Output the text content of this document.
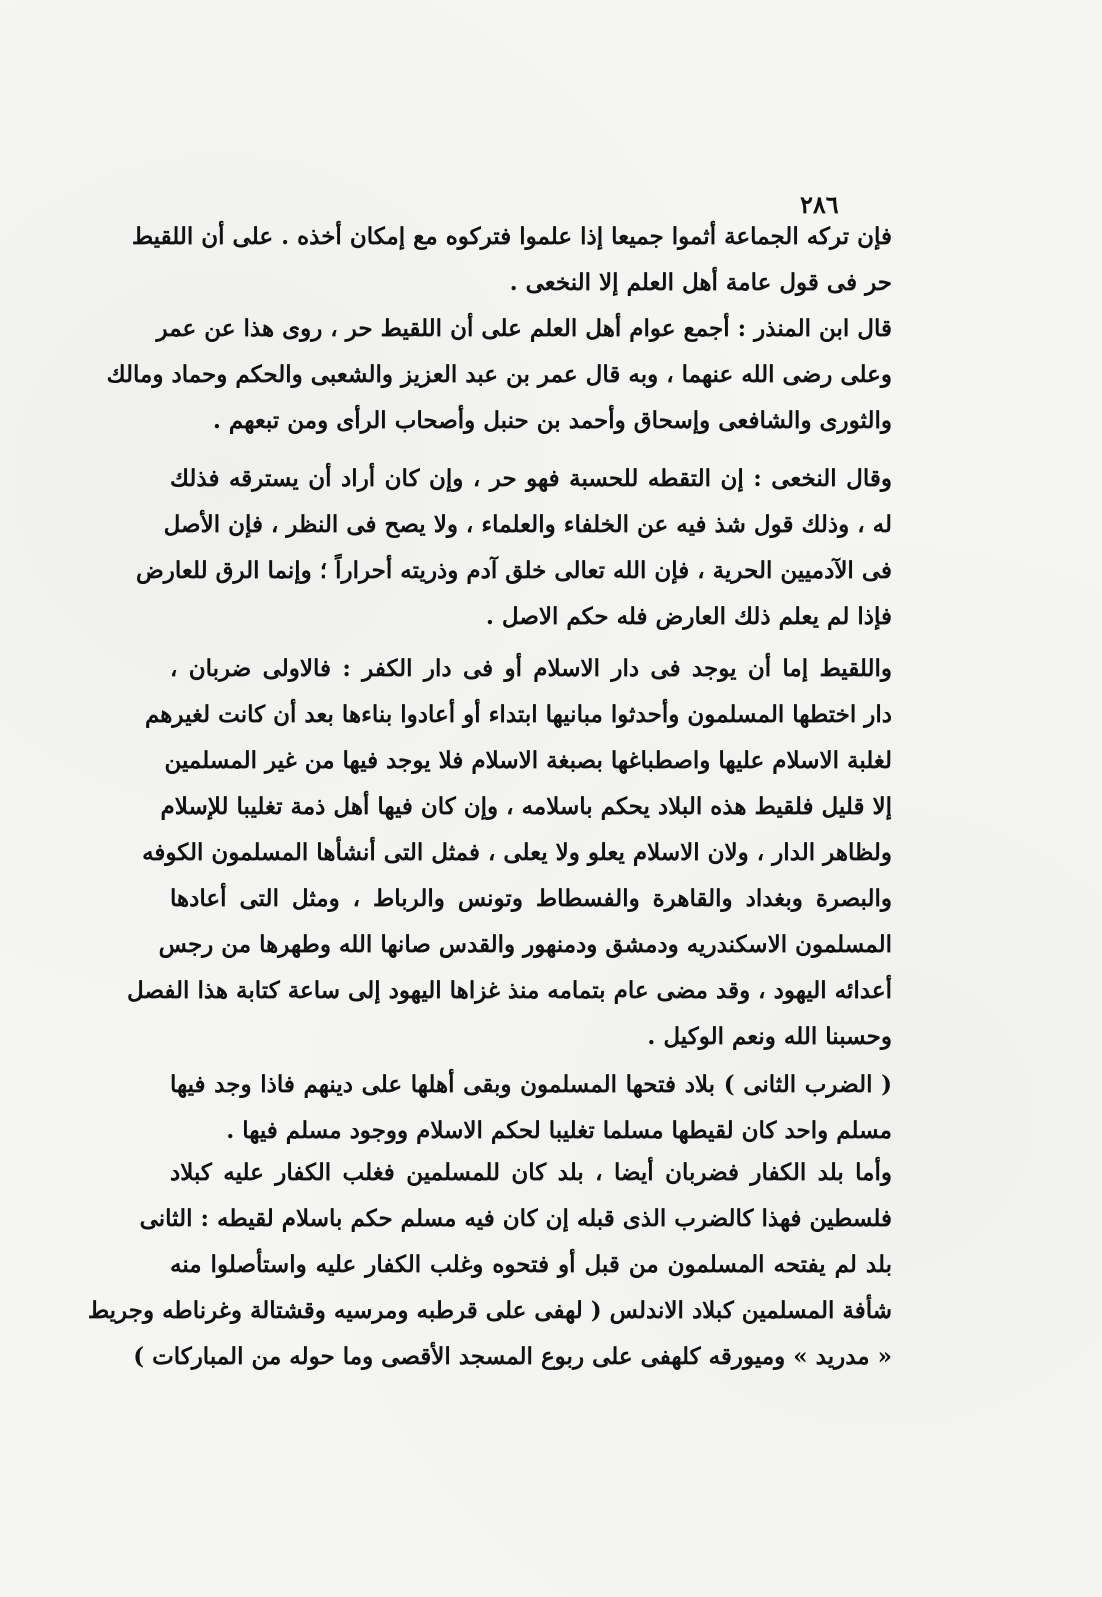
٢٨٦
فإن تركه الجماعة أثموا جميعا إذا علموا فتركوه مع إمكان أخذه . على أن اللقيط
حر فى قول عامة أهل العلم إلا النخعى .
قال ابن المنذر : أجمع عوام أهل العلم على أن اللقيط حر ، روى هذا عن عمر
وعلى رضى الله عنهما ، وبه قال عمر بن عبد العزيز والشعبى والحكم وحماد ومالك
والثورى والشافعى وإسحاق وأحمد بن حنبل وأصحاب الرأى ومن تبعهم .
وقال النخعى : إن التقطه للحسبة فهو حر ، وإن كان أراد أن يسترقه فذلك
له ، وذلك قول شذ فيه عن الخلفاء والعلماء ، ولا يصح فى النظر ، فإن الأصل
فى الآدميين الحرية ، فإن الله تعالى خلق آدم وذريته أحراراً ؛ وإنما الرق للعارض
فإذا لم يعلم ذلك العارض فله حكم الاصل .
واللقيط إما أن يوجد فى دار الاسلام أو فى دار الكفر : فالاولى ضربان ،
دار اختطها المسلمون وأحدثوا مبانيها ابتداء أو أعادوا بناءها بعد أن كانت لغيرهم
لغلبة الاسلام عليها واصطباغها بصبغة الاسلام فلا يوجد فيها من غير المسلمين
إلا قليل فلقيط هذه البلاد يحكم باسلامه ، وإن كان فيها أهل ذمة تغليبا للإسلام
ولظاهر الدار ، ولان الاسلام يعلو ولا يعلى ، فمثل التى أنشأها المسلمون الكوفه
والبصرة وبغداد والقاهرة والفسطاط وتونس والرباط ، ومثل التى أعادها
المسلمون الاسكندريه ودمشق ودمنهور والقدس صانها الله وطهرها من رجس
أعدائه اليهود ، وقد مضى عام بتمامه منذ غزاها اليهود إلى ساعة كتابة هذا الفصل
وحسبنا الله ونعم الوكيل .
( الضرب الثانى ) بلاد فتحها المسلمون وبقى أهلها على دينهم فاذا وجد فيها
مسلم واحد كان لقيطها مسلما تغليبا لحكم الاسلام ووجود مسلم فيها .
وأما بلد الكفار فضربان أيضا ، بلد كان للمسلمين فغلب الكفار عليه كبلاد
فلسطين فهذا كالضرب الذى قبله إن كان فيه مسلم حكم باسلام لقيطه : الثانى
بلد لم يفتحه المسلمون من قبل أو فتحوه وغلب الكفار عليه واستأصلوا منه
شأفة المسلمين كبلاد الاندلس ( لهفى على قرطبه ومرسيه وقشتالة وغرناطه وجريط
« مدريد » وميورقه كلهفى على ربوع المسجد الأقصى وما حوله من المباركات )
